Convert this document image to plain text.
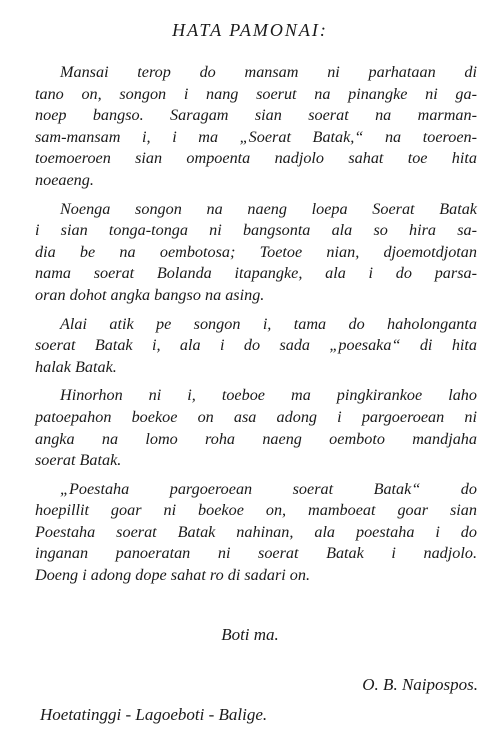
HATA PAMONAI:
Mansai terop do mansam ni parhataan di
tano on, songon i nang soerut na pinangke ni ga-
noep bangso. Saragam sian soerat na marman-
sam-mansam i, i ma „Soerat Batak,“ na toeroen-
toemoeroen sian ompoenta nadjolo sahat toe hita
noeaeng.
Noenga songon na naeng loepa Soerat Batak
i sian tonga-tonga ni bangsonta ala so hira sa-
dia be na oembotosa; Toetoe nian, djoemotdjotan
nama soerat Bolanda itapangke, ala i do parsa-
oran dohot angka bangso na asing.
Alai atik pe songon i, tama do haholonganta
soerat Batak i, ala i do sada „poesaka“ di hita
halak Batak.
Hinorhon ni i, toeboe ma pingkirankoe laho
patoepahon boekoe on asa adong i pargoeroean ni
angka na lomo roha naeng oemboto mandjaha
soerat Batak.
„Poestaha pargoeroean soerat Batak“ do
hoepillit goar ni boekoe on, mamboeat goar sian
Poestaha soerat Batak nahinan, ala poestaha i do
inganan panoeratan ni soerat Batak i nadjolo.
Doeng i adong dope sahat ro di sadari on.
Boti ma.
O. B. Naipospos.
Hoetatinggi - Lagoeboti - Balige.
